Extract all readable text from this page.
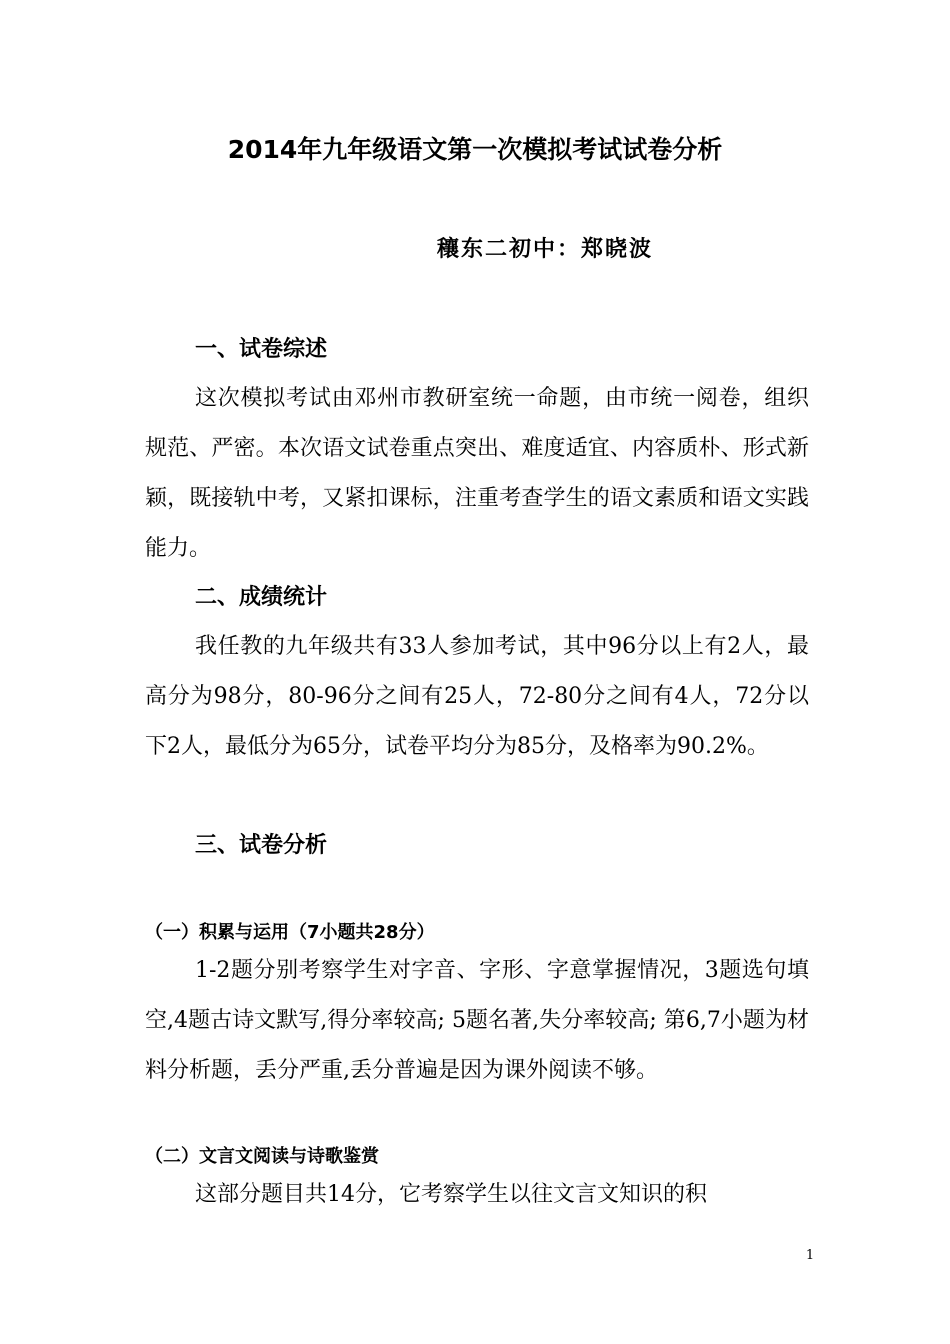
2014年九年级语文第一次模拟考试试卷分析
穰东二初中：郑晓波
一、试卷综述

这次模拟考试由邓州市教研室统一命题，由市统一阅卷，组织规范、严密。本次语文试卷重点突出、难度适宜、内容质朴、形式新颖，既接轨中考，又紧扣课标，注重考查学生的语文素质和语文实践能力。

二、成绩统计

我任教的九年级共有33人参加考试，其中96分以上有2人，最高分为98分，80-96分之间有25人，72-80分之间有4人，72分以下2人，最低分为65分，试卷平均分为85分，及格率为90.2%。

三、试卷分析
（一）积累与运用（7小题共28分）

1-2题分别考察学生对字音、字形、字意掌握情况，3题选句填空,4题古诗文默写,得分率较高; 5题名著,失分率较高; 第6,7小题为材料分析题，丢分严重,丢分普遍是因为课外阅读不够。

（二）文言文阅读与诗歌鉴赏

这部分题目共14分，它考察学生以往文言文知识的积

1
